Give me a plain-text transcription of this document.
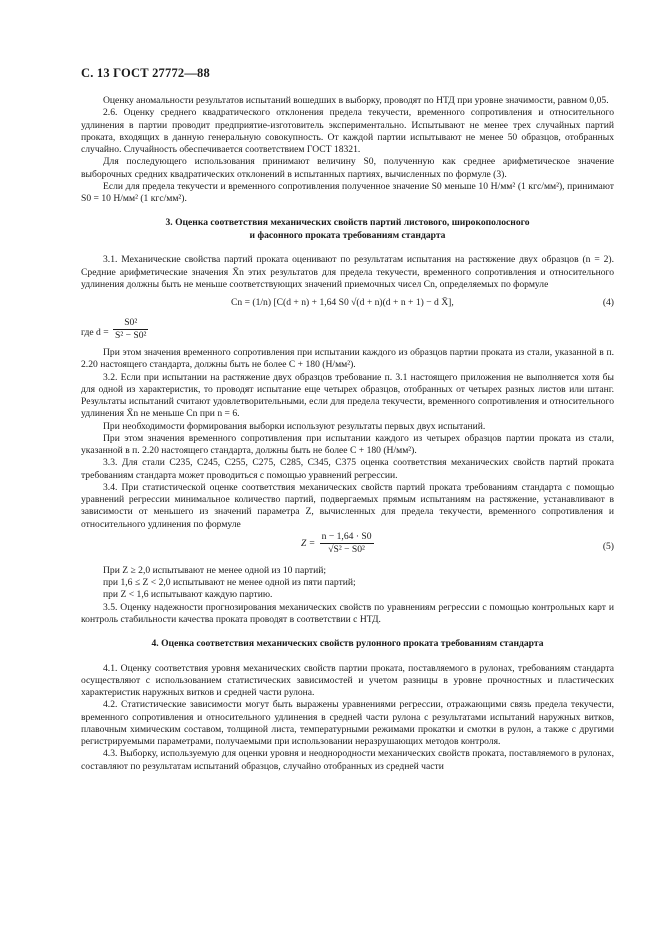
С. 13 ГОСТ 27772—88

Оценку аномальности результатов испытаний вошедших в выборку, проводят по НТД при уровне значимости, равном 0,05.

2.6. Оценку среднего квадратического отклонения предела текучести, временного сопротивления и относительного удлинения в партии проводит предприятие-изготовитель экспериментально. Испытывают не менее трех случайных партий проката, входящих в данную генеральную совокупность. От каждой партии испытывают не менее 50 образцов, отобранных случайно. Случайность обеспечивается соответствием ГОСТ 18321.

Для последующего использования принимают величину S0, полученную как среднее арифметическое значение выборочных средних квадратических отклонений в испытанных партиях, вычисленных по формуле (3).

Если для предела текучести и временного сопротивления полученное значение S0 меньше 10 Н/мм² (1 кгс/мм²), принимают S0 = 10 Н/мм² (1 кгс/мм²).

3. Оценка соответствия механических свойств партий листового, широкополосного
и фасонного проката требованиям стандарта

3.1. Механические свойства партий проката оценивают по результатам испытания на растяжение двух образцов (n = 2). Средние арифметические значения X̄n этих результатов для предела текучести, временного сопротивления и относительного удлинения должны быть не меньше соответствующих значений приемочных чисел Cn, определяемых по формуле

Cn = (1/n) [C(d + n) + 1,64 S0 √(d + n)(d + n + 1) − d X̄],	(4)
где $d = \frac{\text{S0²}}{\text{S² − S0²}}$

При этом значения временного сопротивления при испытании каждого из образцов партии проката из стали, указанной в п. 2.20 настоящего стандарта, должны быть не более C + 180 (Н/мм²).

3.2. Если при испытании на растяжение двух образцов требование п. 3.1 настоящего приложения не выполняется хотя бы для одной из характеристик, то проводят испытание еще четырех образцов, отобранных от четырех разных листов или штанг. Результаты испытаний считают удовлетворительными, если для предела текучести, временного сопротивления и относительного удлинения X̄n не меньше Cn при n = 6.

При необходимости формирования выборки используют результаты первых двух испытаний.

При этом значения временного сопротивления при испытании каждого из четырех образцов партии проката из стали, указанной в п. 2.20 настоящего стандарта, должны быть не более C + 180 (Н/мм²).

3.3. Для стали С235, С245, С255, С275, С285, С345, С375 оценка соответствия механических свойств партий проката требованиям стандарта может проводиться с помощью уравнений регрессии.

3.4. При статистической оценке соответствия механических свойств партий проката требованиям стандарта с помощью уравнений регрессии минимальное количество партий, подвергаемых прямым испытаниям на растяжение, устанавливают в зависимости от меньшего из значений параметра Z, вычисленных для предела текучести, временного сопротивления и относительного удлинения по формуле

$Z = \frac{n - 1,64 \cdot S0}{\text{√S² − S0²}}$	(5)

При Z ≥ 2,0 испытывают не менее одной из 10 партий;

при 1,6 ≤ Z < 2,0 испытывают не менее одной из пяти партий;

при Z < 1,6 испытывают каждую партию.

3.5. Оценку надежности прогнозирования механических свойств по уравнениям регрессии с помощью контрольных карт и контроль стабильности качества проката проводят в соответствии с НТД.

4. Оценка соответствия механических свойств рулонного проката требованиям стандарта

4.1. Оценку соответствия уровня механических свойств партии проката, поставляемого в рулонах, требованиям стандарта осуществляют с использованием статистических зависимостей и учетом разницы в уровне прочностных и пластических характеристик наружных витков и средней части рулона.

4.2. Статистические зависимости могут быть выражены уравнениями регрессии, отражающими связь предела текучести, временного сопротивления и относительного удлинения в средней части рулона с результатами испытаний наружных витков, плавочным химическим составом, толщиной листа, температурными режимами прокатки и смотки в рулон, а также с другими регистрируемыми параметрами, получаемыми при использовании неразрушающих методов контроля.

4.3. Выборку, используемую для оценки уровня и неоднородности механических свойств проката, поставляемого в рулонах, составляют по результатам испытаний образцов, случайно отобранных из средней части
